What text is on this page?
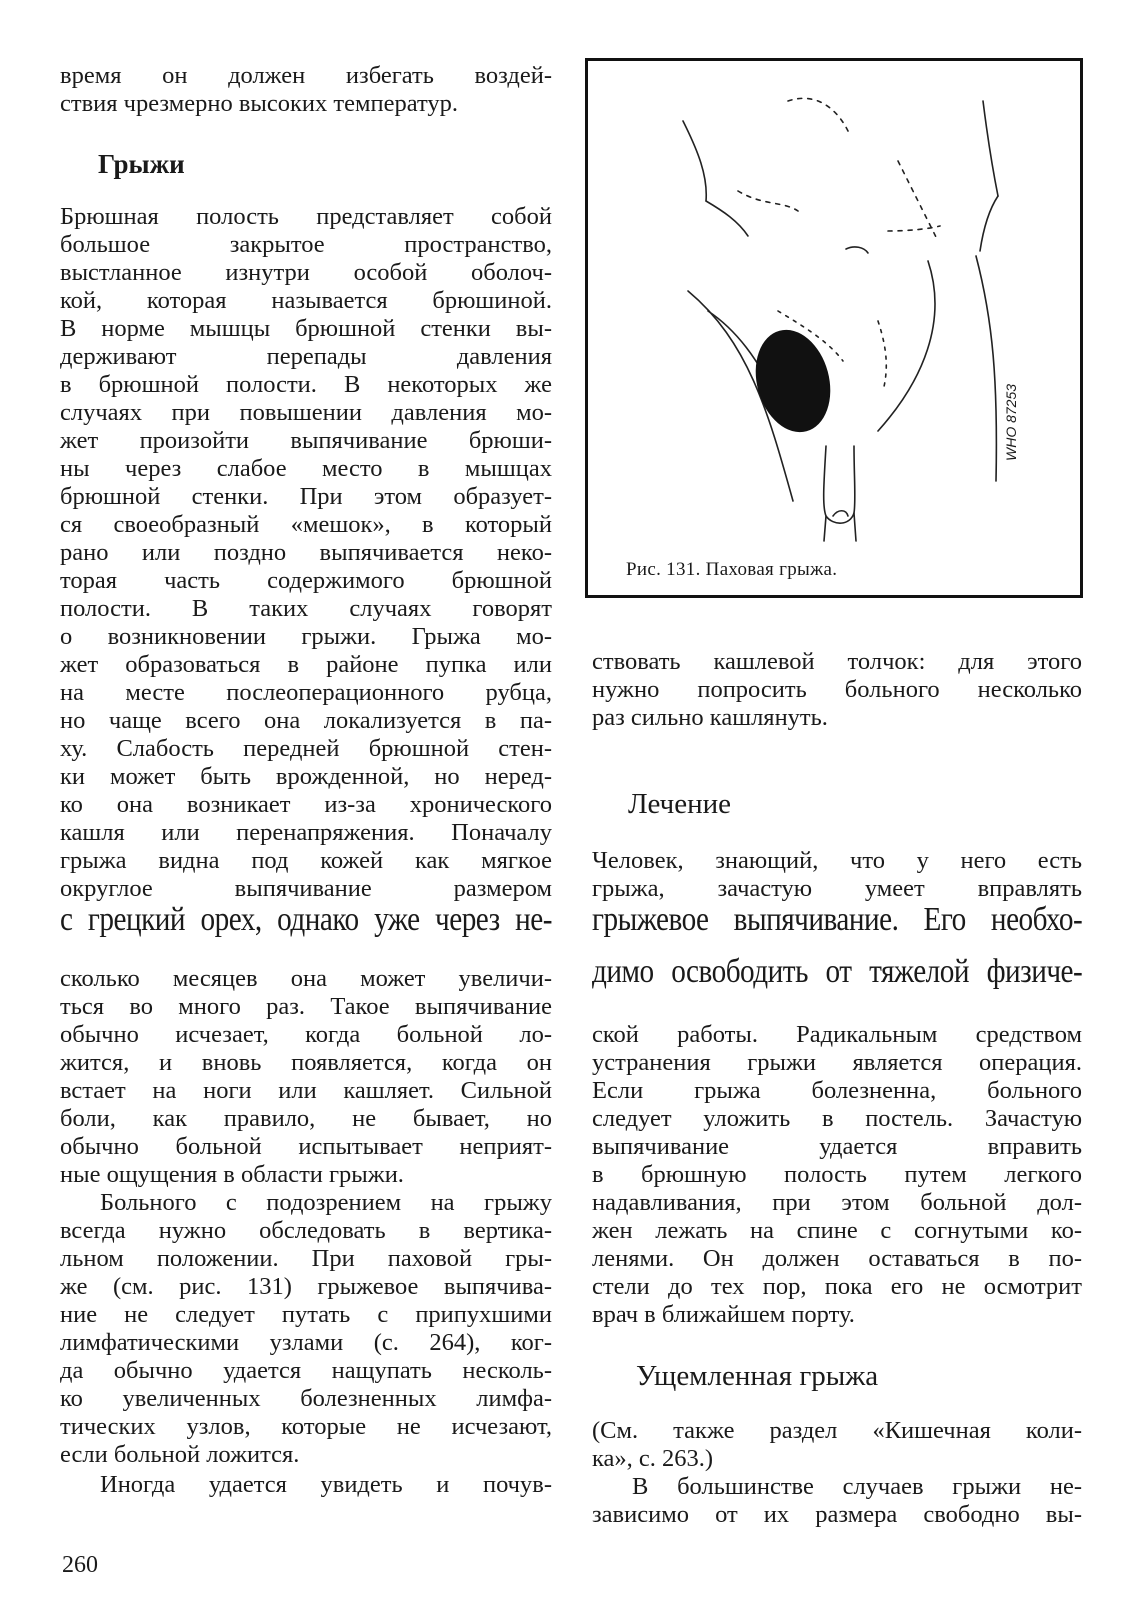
время он должен избегать воздей-
ствия чрезмерно высоких температур.
Грыжи
Брюшная полость представляет собой
большое закрытое пространство,
выстланное изнутри особой оболоч-
кой, которая называется брюшиной.
В норме мышцы брюшной стенки вы-
держивают перепады давления
в брюшной полости. В некоторых же
случаях при повышении давления мо-
жет произойти выпячивание брюши-
ны через слабое место в мышцах
брюшной стенки. При этом образует-
ся своеобразный «мешок», в который
рано или поздно выпячивается неко-
торая часть содержимого брюшной
полости. В таких случаях говорят
о возникновении грыжи. Грыжа мо-
жет образоваться в районе пупка или
на месте послеоперационного рубца,
но чаще всего она локализуется в па-
ху. Слабость передней брюшной стен-
ки может быть врожденной, но неред-
ко она возникает из-за хронического
кашля или перенапряжения. Поначалу
грыжа видна под кожей как мягкое
округлое выпячивание размером
с грецкий орех, однако уже через не-
сколько месяцев она может увеличи-
ться во много раз. Такое выпячивание
обычно исчезает, когда больной ло-
жится, и вновь появляется, когда он
встает на ноги или кашляет. Сильной
боли, как правило, не бывает, но
обычно больной испытывает неприят-
ные ощущения в области грыжи.
Больного с подозрением на грыжу
всегда нужно обследовать в вертика-
льном положении. При паховой гры-
же (см. рис. 131) грыжевое выпячива-
ние не следует путать с припухшими
лимфатическими узлами (с. 264), ког-
да обычно удается нащупать несколь-
ко увеличенных болезненных лимфа-
тических узлов, которые не исчезают,
если больной ложится.
Иногда удается увидеть и почув-
Рис. 131. Паховая грыжа.
WHO 87253
ствовать кашлевой толчок: для этого
нужно попросить больного несколько
раз сильно кашлянуть.
Лечение
Человек, знающий, что у него есть
грыжа, зачастую умеет вправлять
грыжевое выпячивание. Его необхо-
димо освободить от тяжелой физиче-
ской работы. Радикальным средством
устранения грыжи является операция.
Если грыжа болезненна, больного
следует уложить в постель. Зачастую
выпячивание удается вправить
в брюшную полость путем легкого
надавливания, при этом больной дол-
жен лежать на спине с согнутыми ко-
ленями. Он должен оставаться в по-
стели до тех пор, пока его не осмотрит
врач в ближайшем порту.
Ущемленная грыжа
(См. также раздел «Кишечная коли-
ка», с. 263.)
В большинстве случаев грыжи не-
зависимо от их размера свободно вы-
260
